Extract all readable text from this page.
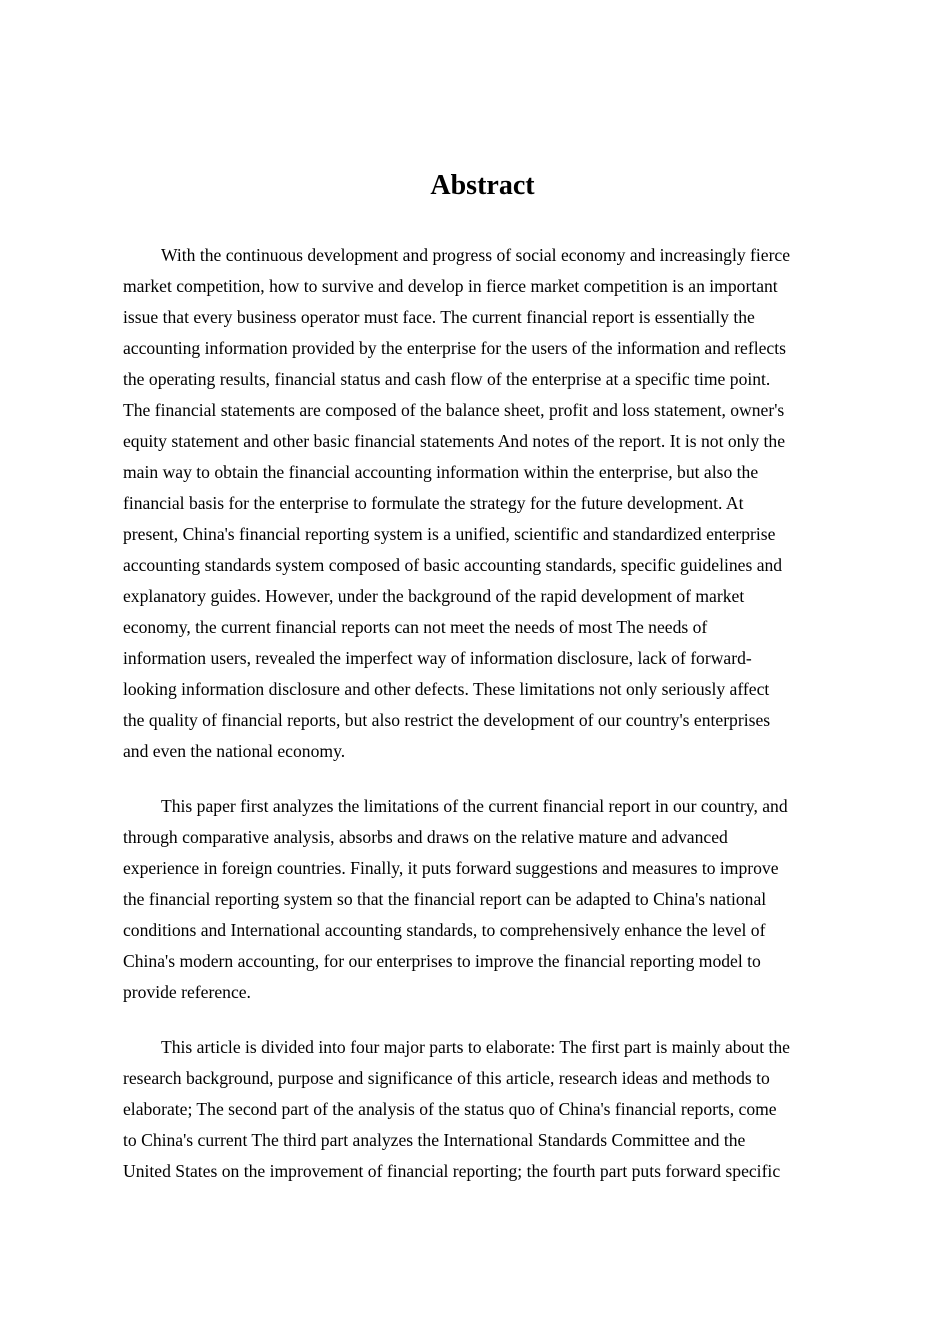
Abstract

With the continuous development and progress of social economy and increasingly fierce
market competition, how to survive and develop in fierce market competition is an important
issue that every business operator must face. The current financial report is essentially the
accounting information provided by the enterprise for the users of the information and reflects
the operating results, financial status and cash flow of the enterprise at a specific time point.
The financial statements are composed of the balance sheet, profit and loss statement, owner's
equity statement and other basic financial statements And notes of the report. It is not only the
main way to obtain the financial accounting information within the enterprise, but also the
financial basis for the enterprise to formulate the strategy for the future development. At
present, China's financial reporting system is a unified, scientific and standardized enterprise
accounting standards system composed of basic accounting standards, specific guidelines and
explanatory guides. However, under the background of the rapid development of market
economy, the current financial reports can not meet the needs of most The needs of
information users, revealed the imperfect way of information disclosure, lack of forward-
looking information disclosure and other defects. These limitations not only seriously affect
the quality of financial reports, but also restrict the development of our country's enterprises
and even the national economy.

This paper first analyzes the limitations of the current financial report in our country, and
through comparative analysis, absorbs and draws on the relative mature and advanced
experience in foreign countries. Finally, it puts forward suggestions and measures to improve
the financial reporting system so that the financial report can be adapted to China's national
conditions and International accounting standards, to comprehensively enhance the level of
China's modern accounting, for our enterprises to improve the financial reporting model to
provide reference.

This article is divided into four major parts to elaborate: The first part is mainly about the
research background, purpose and significance of this article, research ideas and methods to
elaborate; The second part of the analysis of the status quo of China's financial reports, come
to China's current The third part analyzes the International Standards Committee and the
United States on the improvement of financial reporting; the fourth part puts forward specific
